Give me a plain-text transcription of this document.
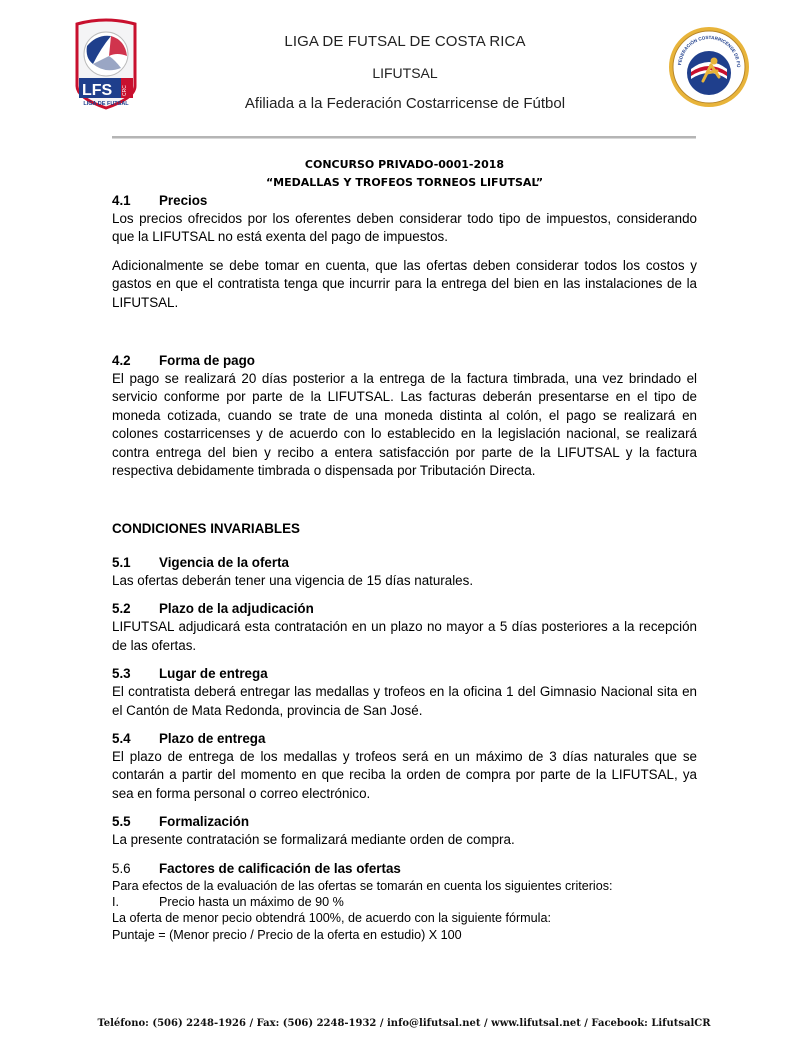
LFS CRC
LIGA DE FUTSAL
LIGA DE FUTSAL DE COSTA RICA
LIFUTSAL
Afiliada a la Federación Costarricense de Fútbol
FEDERACIÓN COSTARRICENSE DE FÚ
CONCURSO PRIVADO-0001-2018
“MEDALLAS Y TROFEOS TORNEOS LIFUTSAL”
4.1 Precios

Los precios ofrecidos por los oferentes deben considerar todo tipo de impuestos, considerando que la LIFUTSAL no está exenta del pago de impuestos.

Adicionalmente se debe tomar en cuenta, que las ofertas deben considerar todos los costos y gastos en que el contratista tenga que incurrir para la entrega del bien en las instalaciones de la LIFUTSAL.

4.2 Forma de pago

El pago se realizará 20 días posterior a la entrega de la factura timbrada, una vez brindado el servicio conforme por parte de la LIFUTSAL. Las facturas deberán presentarse en el tipo de moneda cotizada, cuando se trate de una moneda distinta al colón, el pago se realizará en colones costarricenses y de acuerdo con lo establecido en la legislación nacional, se realizará contra entrega del bien y recibo a entera satisfacción por parte de la LIFUTSAL y la factura respectiva debidamente timbrada o dispensada por Tributación Directa.

CONDICIONES INVARIABLES
5.1 Vigencia de la oferta

Las ofertas deberán tener una vigencia de 15 días naturales.

5.2 Plazo de la adjudicación

LIFUTSAL adjudicará esta contratación en un plazo no mayor a 5 días posteriores a la recepción de las ofertas.

5.3 Lugar de entrega

El contratista deberá entregar las medallas y trofeos en la oficina 1 del Gimnasio Nacional sita en el Cantón de Mata Redonda, provincia de San José.

5.4 Plazo de entrega

El plazo de entrega de los medallas y trofeos será en un máximo de 3 días naturales que se contarán a partir del momento en que reciba la orden de compra por parte de la LIFUTSAL, ya sea en forma personal o correo electrónico.

5.5 Formalización

La presente contratación se formalizará mediante orden de compra.

5.6 Factores de calificación de las ofertas
Para efectos de la evaluación de las ofertas se tomarán en cuenta los siguientes criterios:
I.	Precio hasta un máximo de 90 %
La oferta de menor pecio obtendrá 100%, de acuerdo con la siguiente fórmula:
Puntaje = (Menor precio / Precio de la oferta en estudio) X 100
Teléfono: (506) 2248-1926 / Fax: (506) 2248-1932 / info@lifutsal.net / www.lifutsal.net / Facebook: LifutsalCR
